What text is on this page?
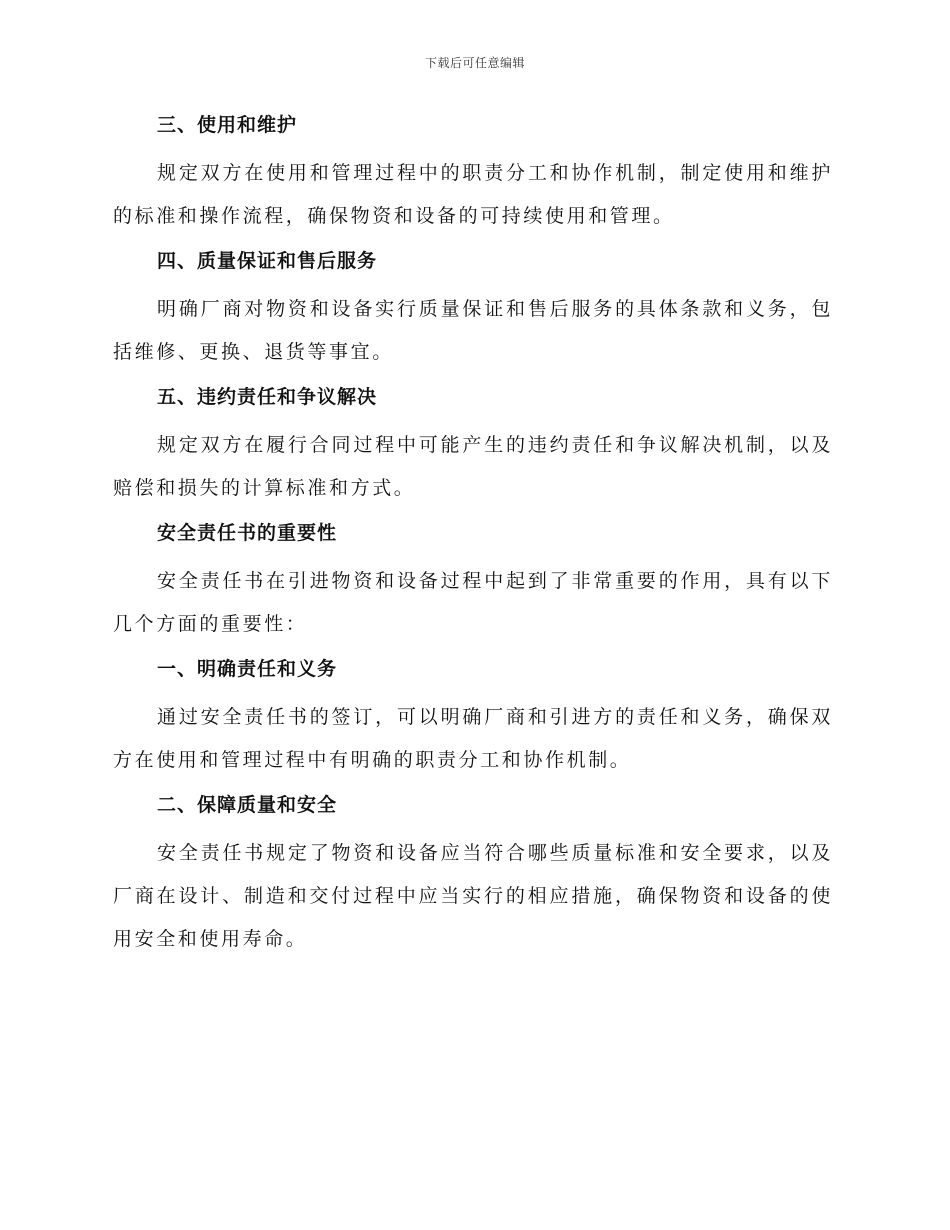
下载后可任意编辑
三、使用和维护

规定双方在使用和管理过程中的职责分工和协作机制，制定使用和维护的标准和操作流程，确保物资和设备的可持续使用和管理。

四、质量保证和售后服务

明确厂商对物资和设备实行质量保证和售后服务的具体条款和义务，包括维修、更换、退货等事宜。

五、违约责任和争议解决

规定双方在履行合同过程中可能产生的违约责任和争议解决机制，以及赔偿和损失的计算标准和方式。

安全责任书的重要性

安全责任书在引进物资和设备过程中起到了非常重要的作用，具有以下几个方面的重要性：

一、明确责任和义务

通过安全责任书的签订，可以明确厂商和引进方的责任和义务，确保双方在使用和管理过程中有明确的职责分工和协作机制。

二、保障质量和安全

安全责任书规定了物资和设备应当符合哪些质量标准和安全要求，以及厂商在设计、制造和交付过程中应当实行的相应措施，确保物资和设备的使用安全和使用寿命。
